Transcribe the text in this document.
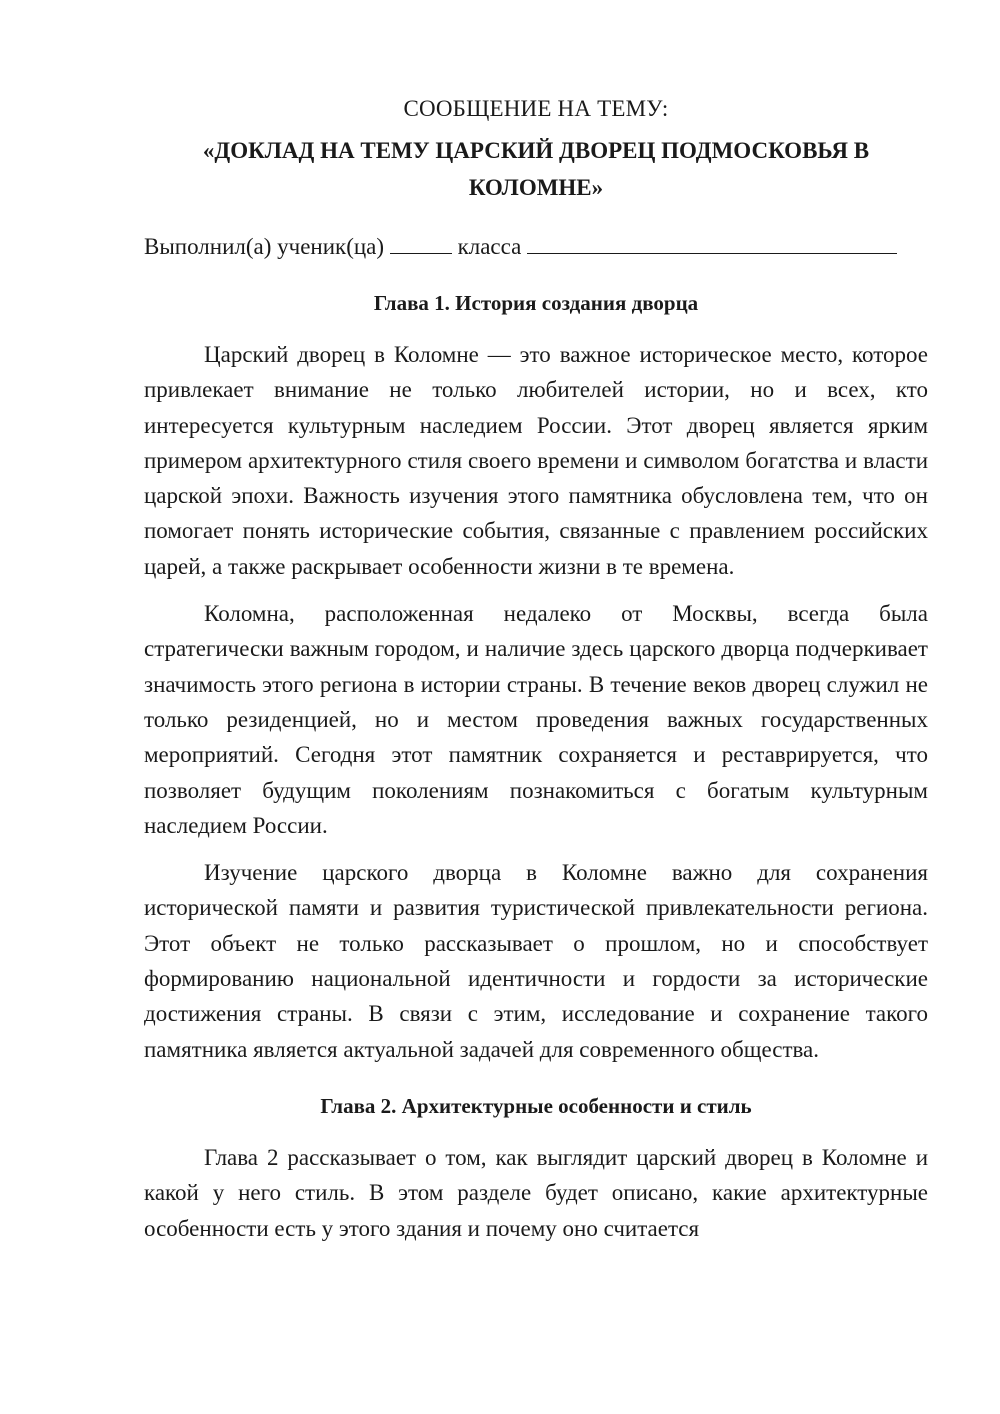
СООБЩЕНИЕ НА ТЕМУ:

«ДОКЛАД НА ТЕМУ ЦАРСКИЙ ДВОРЕЦ ПОДМОСКОВЬЯ В КОЛОМНЕ»

Выполнил(а) ученик(ца)	класса

Глава 1. История создания дворца

Царский дворец в Коломне — это важное историческое место, которое привлекает внимание не только любителей истории, но и всех, кто интересуется культурным наследием России. Этот дворец является ярким примером архитектурного стиля своего времени и символом богатства и власти царской эпохи. Важность изучения этого памятника обусловлена тем, что он помогает понять исторические события, связанные с правлением российских царей, а также раскрывает особенности жизни в те времена.

Коломна, расположенная недалеко от Москвы, всегда была стратегически важным городом, и наличие здесь царского дворца подчеркивает значимость этого региона в истории страны. В течение веков дворец служил не только резиденцией, но и местом проведения важных государственных мероприятий. Сегодня этот памятник сохраняется и реставрируется, что позволяет будущим поколениям познакомиться с богатым культурным наследием России.

Изучение царского дворца в Коломне важно для сохранения исторической памяти и развития туристической привлекательности региона. Этот объект не только рассказывает о прошлом, но и способствует формированию национальной идентичности и гордости за исторические достижения страны. В связи с этим, исследование и сохранение такого памятника является актуальной задачей для современного общества.

Глава 2. Архитектурные особенности и стиль

Глава 2 рассказывает о том, как выглядит царский дворец в Коломне и какой у него стиль. В этом разделе будет описано, какие архитектурные особенности есть у этого здания и почему оно считается
